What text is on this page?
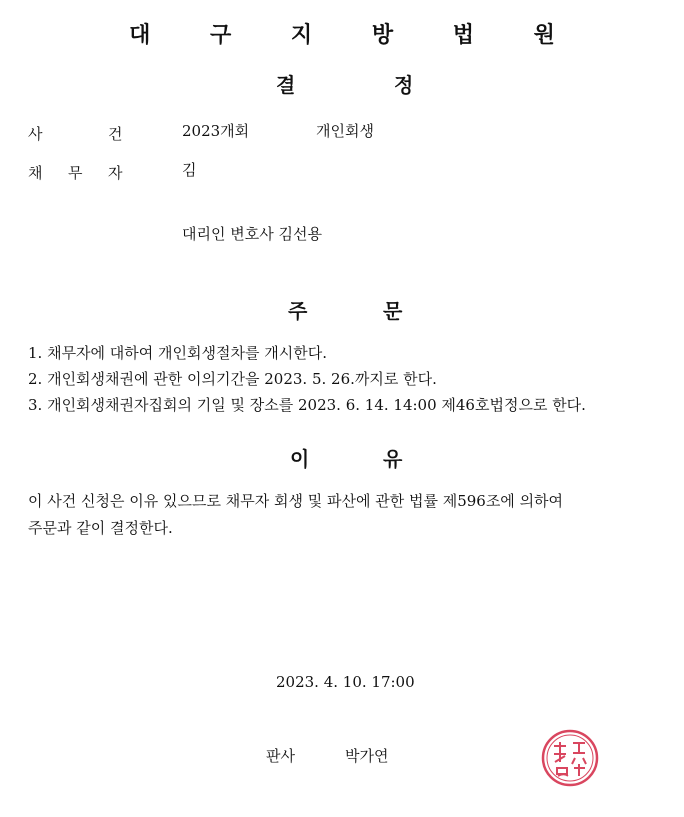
대 구 지 방 법 원
결	정
사	건	2023개회	개인회생
채 무 자	김
대리인 변호사 김선용
주	문
1. 채무자에 대하여 개인회생절차를 개시한다.
2. 개인회생채권에 관한 이의기간을 2023. 5. 26.까지로 한다.
3. 개인회생채권자집회의 기일 및 장소를 2023. 6. 14. 14:00 제46호법정으로 한다.
이	유
이 사건 신청은 이유 있으므로 채무자 회생 및 파산에 관한 법률 제596조에 의하여
주문과 같이 결정한다.
2023. 4. 10. 17:00
판사	박가연
